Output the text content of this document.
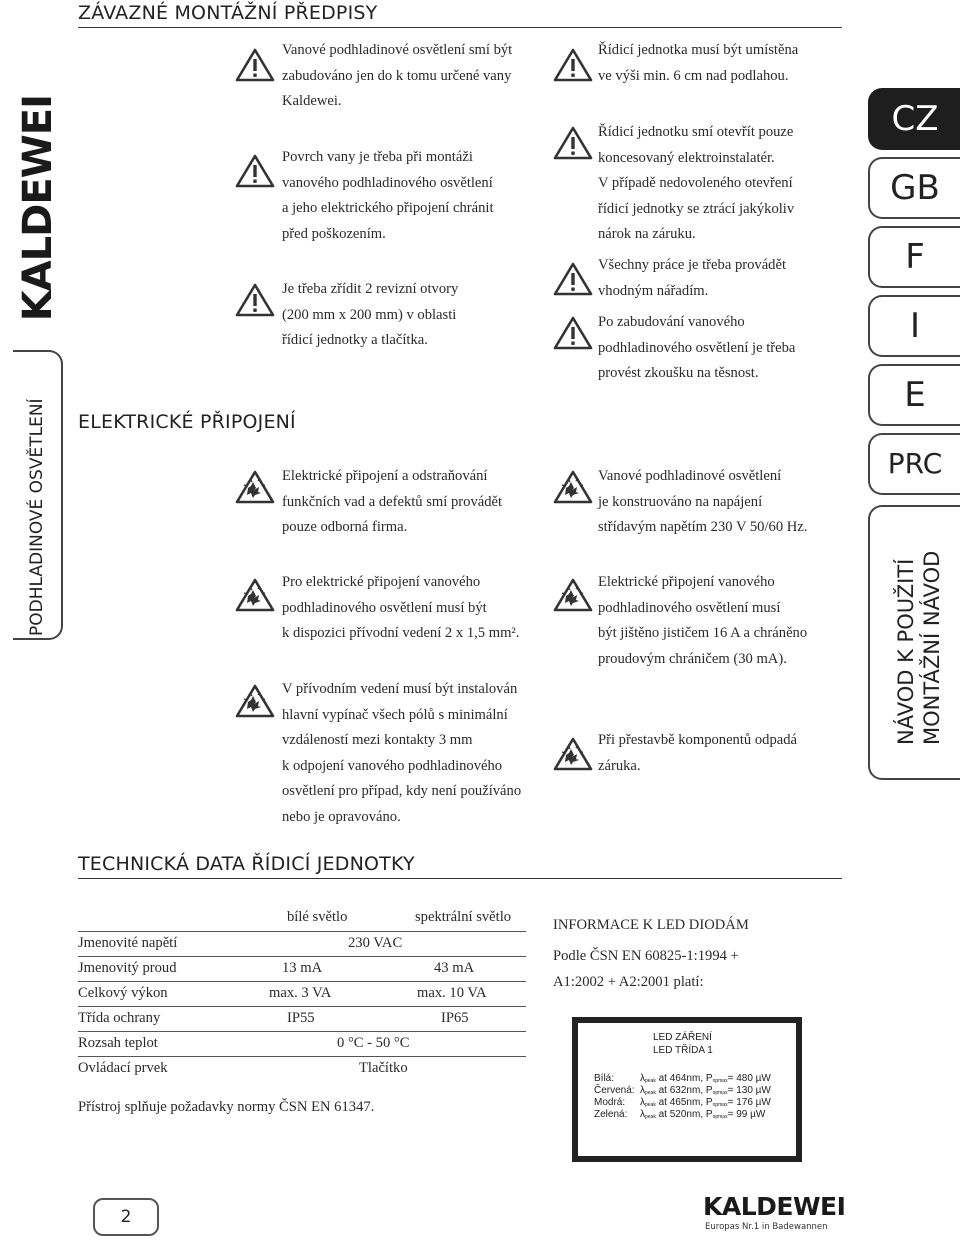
ZÁVAZNÉ MONTÁŽNÍ PŘEDPISY
KALDEWEI
PODHLADINOVÉ OSVĚTLENÍ
CZ
GB
F
I
E
PRC
NÁVOD K POUŽITÍ MONTÁŽNÍ NÁVOD
Vanové podhladinové osvětlení smí být
zabudováno jen do k tomu určené vany
Kaldewei.
Povrch vany je třeba při montáži
vanového podhladinového osvětlení
a jeho elektrického připojení chránit
před poškozením.
Je třeba zřídit 2 revizní otvory
(200 mm x 200 mm) v oblasti
řídicí jednotky a tlačítka.
Řídicí jednotka musí být umístěna
ve výši min. 6 cm nad podlahou.
Řídicí jednotku smí otevřít pouze
koncesovaný elektroinstalatér.
V případě nedovoleného otevření
řídicí jednotky se ztrácí jakýkoliv
nárok na záruku.
Všechny práce je třeba provádět
vhodným nářadím.
Po zabudování vanového
podhladinového osvětlení je třeba
provést zkoušku na těsnost.
ELEKTRICKÉ PŘIPOJENÍ
Elektrické připojení a odstraňování
funkčních vad a defektů smí provádět
pouze odborná firma.
Pro elektrické připojení vanového
podhladinového osvětlení musí být
k dispozici přívodní vedení 2 x 1,5 mm².
V přívodním vedení musí být instalován
hlavní vypínač všech pólů s minimální
vzdáleností mezi kontakty 3 mm
k odpojení vanového podhladinového
osvětlení pro případ, kdy není používáno
nebo je opravováno.
Vanové podhladinové osvětlení
je konstruováno na napájení
střídavým napětím 230 V 50/60 Hz.
Elektrické připojení vanového
podhladinového osvětlení musí
být jištěno jističem 16 A a chráněno
proudovým chráničem (30 mA).
Při přestavbě komponentů odpadá
záruka.
TECHNICKÁ DATA ŘÍDICÍ JEDNOTKY
bílé světlo	spektrální světlo
Jmenovité napětí	230 VAC
Jmenovitý proud	13 mA	43 mA
Celkový výkon	max. 3 VA	max. 10 VA
Třída ochrany	IP55	IP65
Rozsah teplot	0 °C - 50 °C
Ovládací prvek	Tlačítko
Přístroj splňuje požadavky normy ČSN EN 61347.
INFORMACE K LED DIODÁM
Podle ČSN EN 60825-1:1994 +
A1:2002 + A2:2001 platí:
LED ZÁŘENÍ
LED TŘÍDA 1
Bílá:	$\lambda_{peak}$ at 464nm, $P_{opmax}= 480$ µW
Červená: $\lambda_{peak}$ at 632nm, $P_{opmax}= 130$ µW
Modrá: $\lambda_{peak}$ at 465nm, $P_{opmax}= 176$ µW
Zelená: $\lambda_{peak}$ at 520nm, $P_{opmax}= 99$ µW
2	KALDEWEI
Europas Nr.1 in Badewannen
